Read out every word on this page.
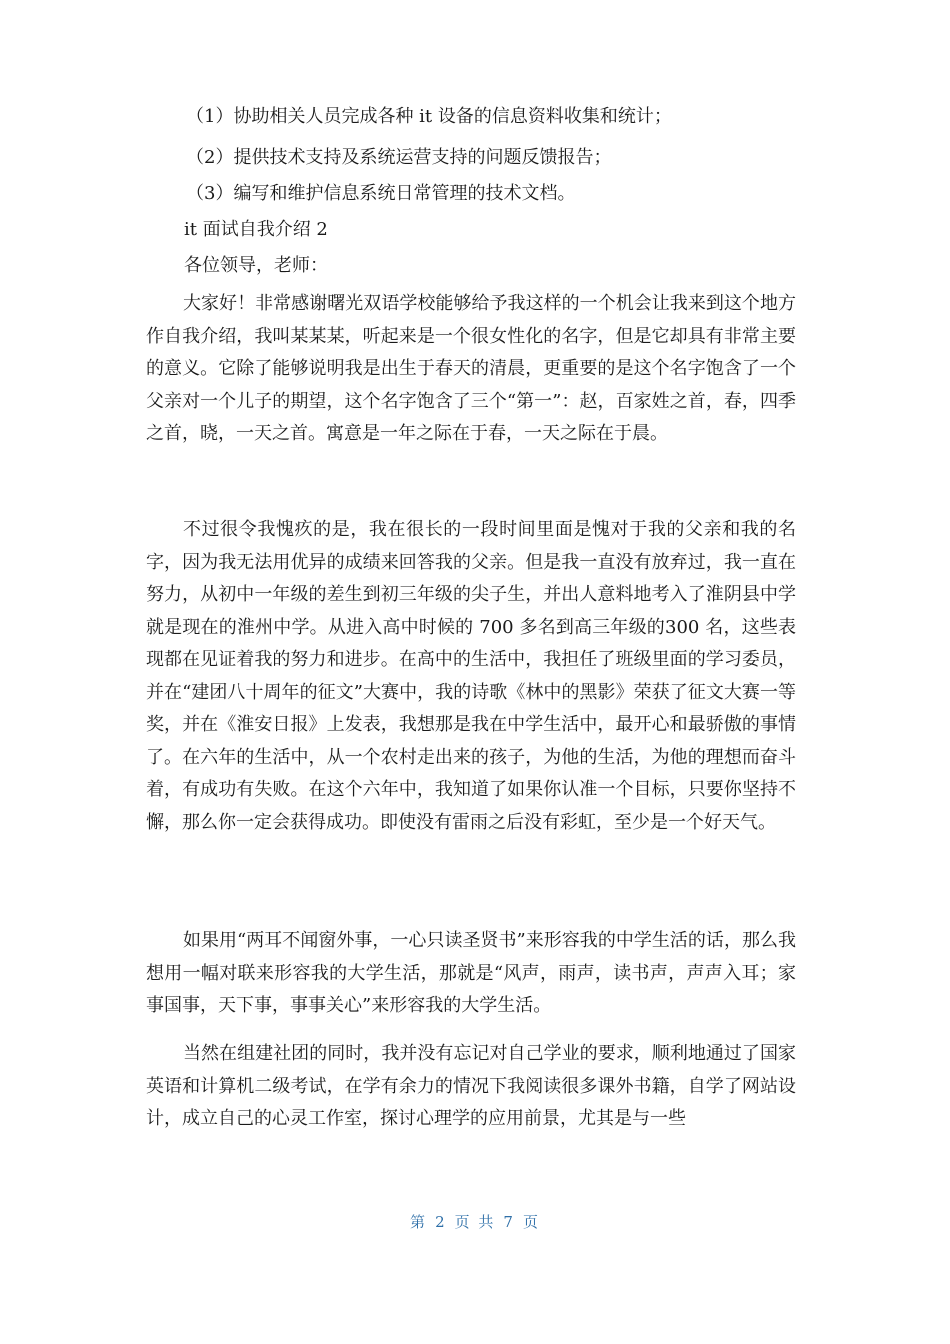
（1）协助相关人员完成各种 it 设备的信息资料收集和统计；
（2）提供技术支持及系统运营支持的问题反馈报告；
（3）编写和维护信息系统日常管理的技术文档。
it 面试自我介绍 2
各位领导，老师：

大家好！非常感谢曙光双语学校能够给予我这样的一个机会让我来到这个地方作自我介绍，我叫某某某，听起来是一个很女性化的名字，但是它却具有非常主要的意义。它除了能够说明我是出生于春天的清晨，更重要的是这个名字饱含了一个父亲对一个儿子的期望，这个名字饱含了三个“第一”：赵，百家姓之首，春，四季之首，晓，一天之首。寓意是一年之际在于春，一天之际在于晨。

不过很令我愧疚的是，我在很长的一段时间里面是愧对于我的父亲和我的名字，因为我无法用优异的成绩来回答我的父亲。但是我一直没有放弃过，我一直在努力，从初中一年级的差生到初三年级的尖子生，并出人意料地考入了淮阴县中学就是现在的淮州中学。从进入高中时候的 700 多名到高三年级的300 名，这些表现都在见证着我的努力和进步。在高中的生活中，我担任了班级里面的学习委员，并在“建团八十周年的征文”大赛中，我的诗歌《林中的黑影》荣获了征文大赛一等奖，并在《淮安日报》上发表，我想那是我在中学生活中，最开心和最骄傲的事情了。在六年的生活中，从一个农村走出来的孩子，为他的生活，为他的理想而奋斗着，有成功有失败。在这个六年中，我知道了如果你认准一个目标，只要你坚持不懈，那么你一定会获得成功。即使没有雷雨之后没有彩虹，至少是一个好天气。

如果用“两耳不闻窗外事，一心只读圣贤书”来形容我的中学生活的话，那么我想用一幅对联来形容我的大学生活，那就是“风声，雨声，读书声，声声入耳；家事国事，天下事，事事关心”来形容我的大学生活。

当然在组建社团的同时，我并没有忘记对自己学业的要求，顺利地通过了国家英语和计算机二级考试，在学有余力的情况下我阅读很多课外书籍，自学了网站设计，成立自己的心灵工作室，探讨心理学的应用前景，尤其是与一些

第 2 页 共 7 页
